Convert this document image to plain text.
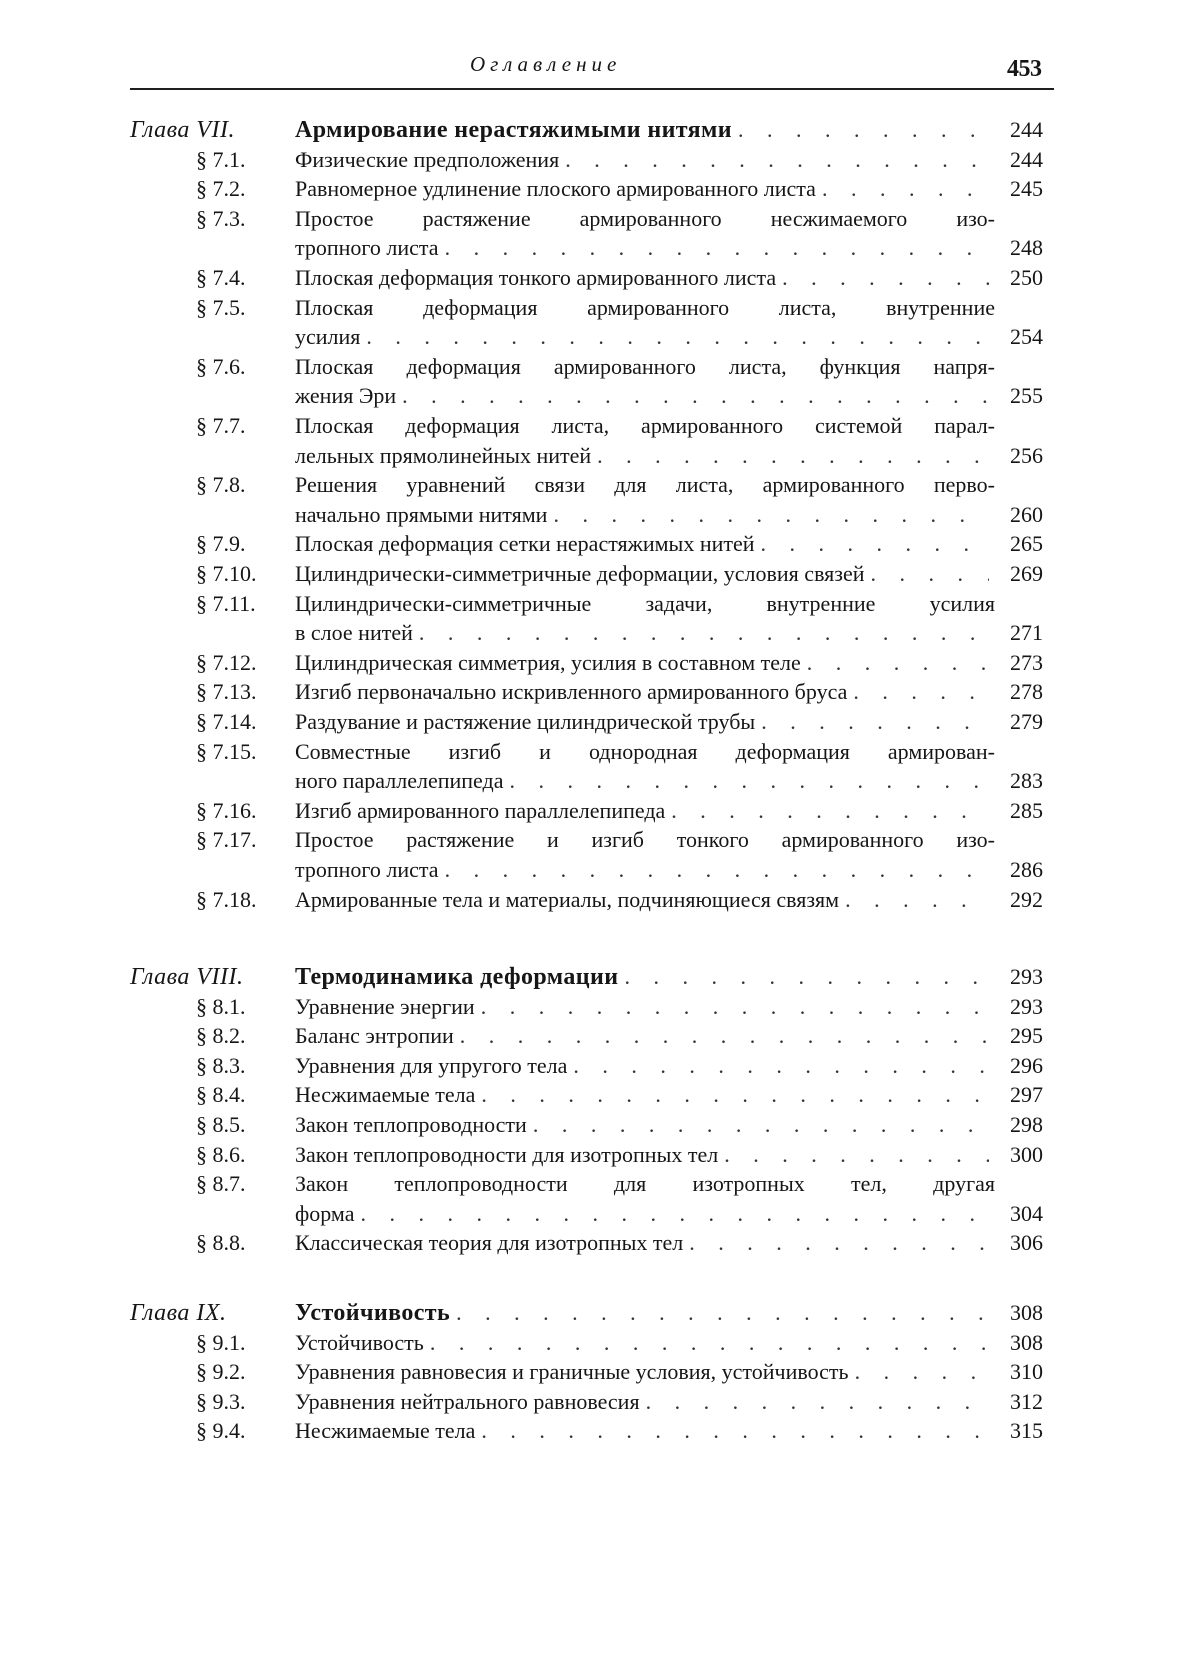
Оглавление	453
Глава VII.	Армирование нерастяжимыми нитями . . .	244
§ 7.1.	Физические предположения . . .	244
§ 7.2.	Равномерное удлинение плоского армированного листа . . .	245
§ 7.3.	Простое растяжение армированного несжимаемого изо-
тропного листа . . .	248
§ 7.4.	Плоская деформация тонкого армированного листа . . .	250
§ 7.5.	Плоская деформация армированного листа, внутренние
усилия . . .	254
§ 7.6.	Плоская деформация армированного листа, функция напря-
жения Эри . . .	255
§ 7.7.	Плоская деформация листа, армированного системой парал-
лельных прямолинейных нитей . . .	256
§ 7.8.	Решения уравнений связи для листа, армированного перво-
начально прямыми нитями . . .	260
§ 7.9.	Плоская деформация сетки нерастяжимых нитей . . .	265
§ 7.10.	Цилиндрически-симметричные деформации, условия связей . . .	269
§ 7.11.	Цилиндрически-симметричные задачи, внутренние усилия
в слое нитей . . .	271
§ 7.12.	Цилиндрическая симметрия, усилия в составном теле . . .	273
§ 7.13.	Изгиб первоначально искривленного армированного бруса . . .	278
§ 7.14.	Раздувание и растяжение цилиндрической трубы . . .	279
§ 7.15.	Совместные изгиб и однородная деформация армирован-
ного параллелепипеда . . .	283
§ 7.16.	Изгиб армированного параллелепипеда . . .	285
§ 7.17.	Простое растяжение и изгиб тонкого армированного изо-
тропного листа . . .	286
§ 7.18.	Армированные тела и материалы, подчиняющиеся связям . . .	292
Глава VIII.	Термодинамика деформации . . .	293
§ 8.1.	Уравнение энергии . . .	293
§ 8.2.	Баланс энтропии . . .	295
§ 8.3.	Уравнения для упругого тела . . .	296
§ 8.4.	Несжимаемые тела . . .	297
§ 8.5.	Закон теплопроводности . . .	298
§ 8.6.	Закон теплопроводности для изотропных тел . . .	300
§ 8.7.	Закон теплопроводности для изотропных тел, другая
форма . . .	304
§ 8.8.	Классическая теория для изотропных тел . . .	306
Глава IX.	Устойчивость . . .	308
§ 9.1.	Устойчивость . . .	308
§ 9.2.	Уравнения равновесия и граничные условия, устойчивость . . .	310
§ 9.3.	Уравнения нейтрального равновесия . . .	312
§ 9.4.	Несжимаемые тела . . .	315
